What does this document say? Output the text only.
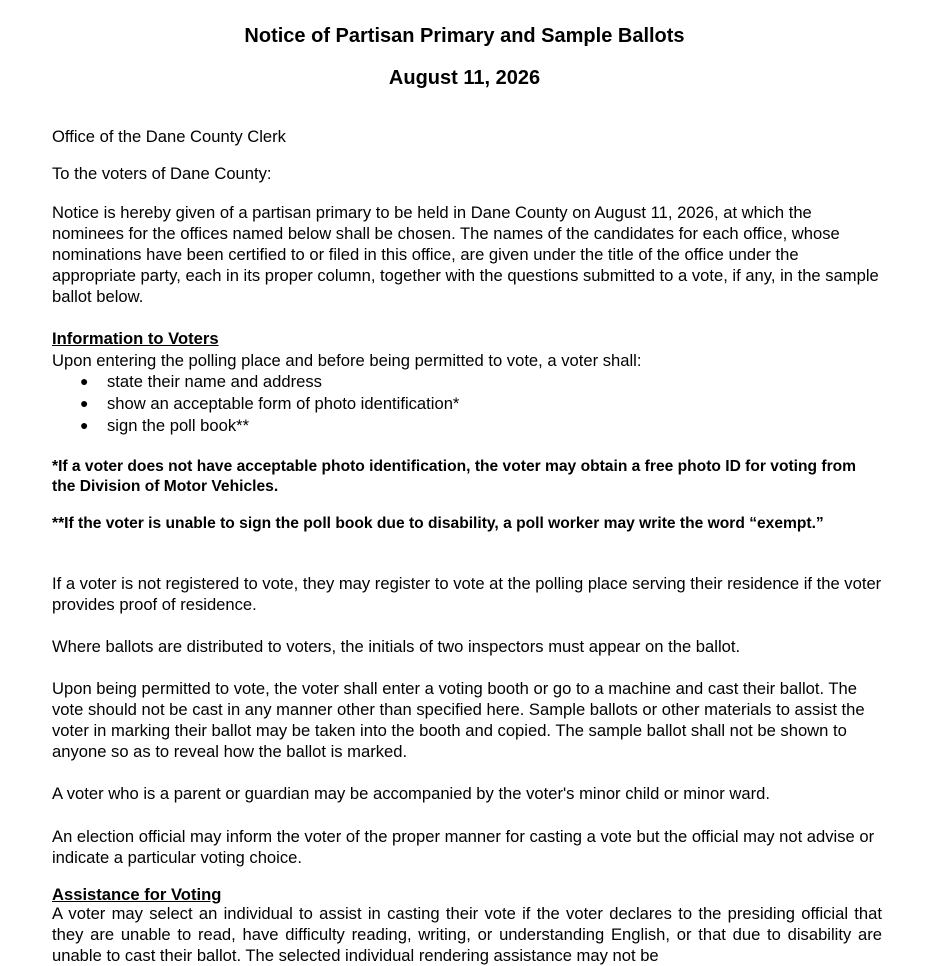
Notice of Partisan Primary and Sample Ballots
August 11, 2026
Office of the Dane County Clerk
To the voters of Dane County:
Notice is hereby given of a partisan primary to be held in Dane County on August 11, 2026, at which the nominees for the offices named below shall be chosen. The names of the candidates for each office, whose nominations have been certified to or filed in this office, are given under the title of the office under the appropriate party, each in its proper column, together with the questions submitted to a vote, if any, in the sample ballot below.
Information to Voters
Upon entering the polling place and before being permitted to vote, a voter shall:
● state their name and address
● show an acceptable form of photo identification*
● sign the poll book**
*If a voter does not have acceptable photo identification, the voter may obtain a free photo ID for voting from the Division of Motor Vehicles.
**If the voter is unable to sign the poll book due to disability, a poll worker may write the word “exempt.”
If a voter is not registered to vote, they may register to vote at the polling place serving their residence if the voter provides proof of residence.
Where ballots are distributed to voters, the initials of two inspectors must appear on the ballot.
Upon being permitted to vote, the voter shall enter a voting booth or go to a machine and cast their ballot. The vote should not be cast in any manner other than specified here. Sample ballots or other materials to assist the voter in marking their ballot may be taken into the booth and copied. The sample ballot shall not be shown to anyone so as to reveal how the ballot is marked.
A voter who is a parent or guardian may be accompanied by the voter's minor child or minor ward.
An election official may inform the voter of the proper manner for casting a vote but the official may not advise or indicate a particular voting choice.
Assistance for Voting
A voter may select an individual to assist in casting their vote if the voter declares to the presiding official that they are unable to read, have difficulty reading, writing, or understanding English, or that due to disability are unable to cast their ballot. The selected individual rendering assistance may not be
